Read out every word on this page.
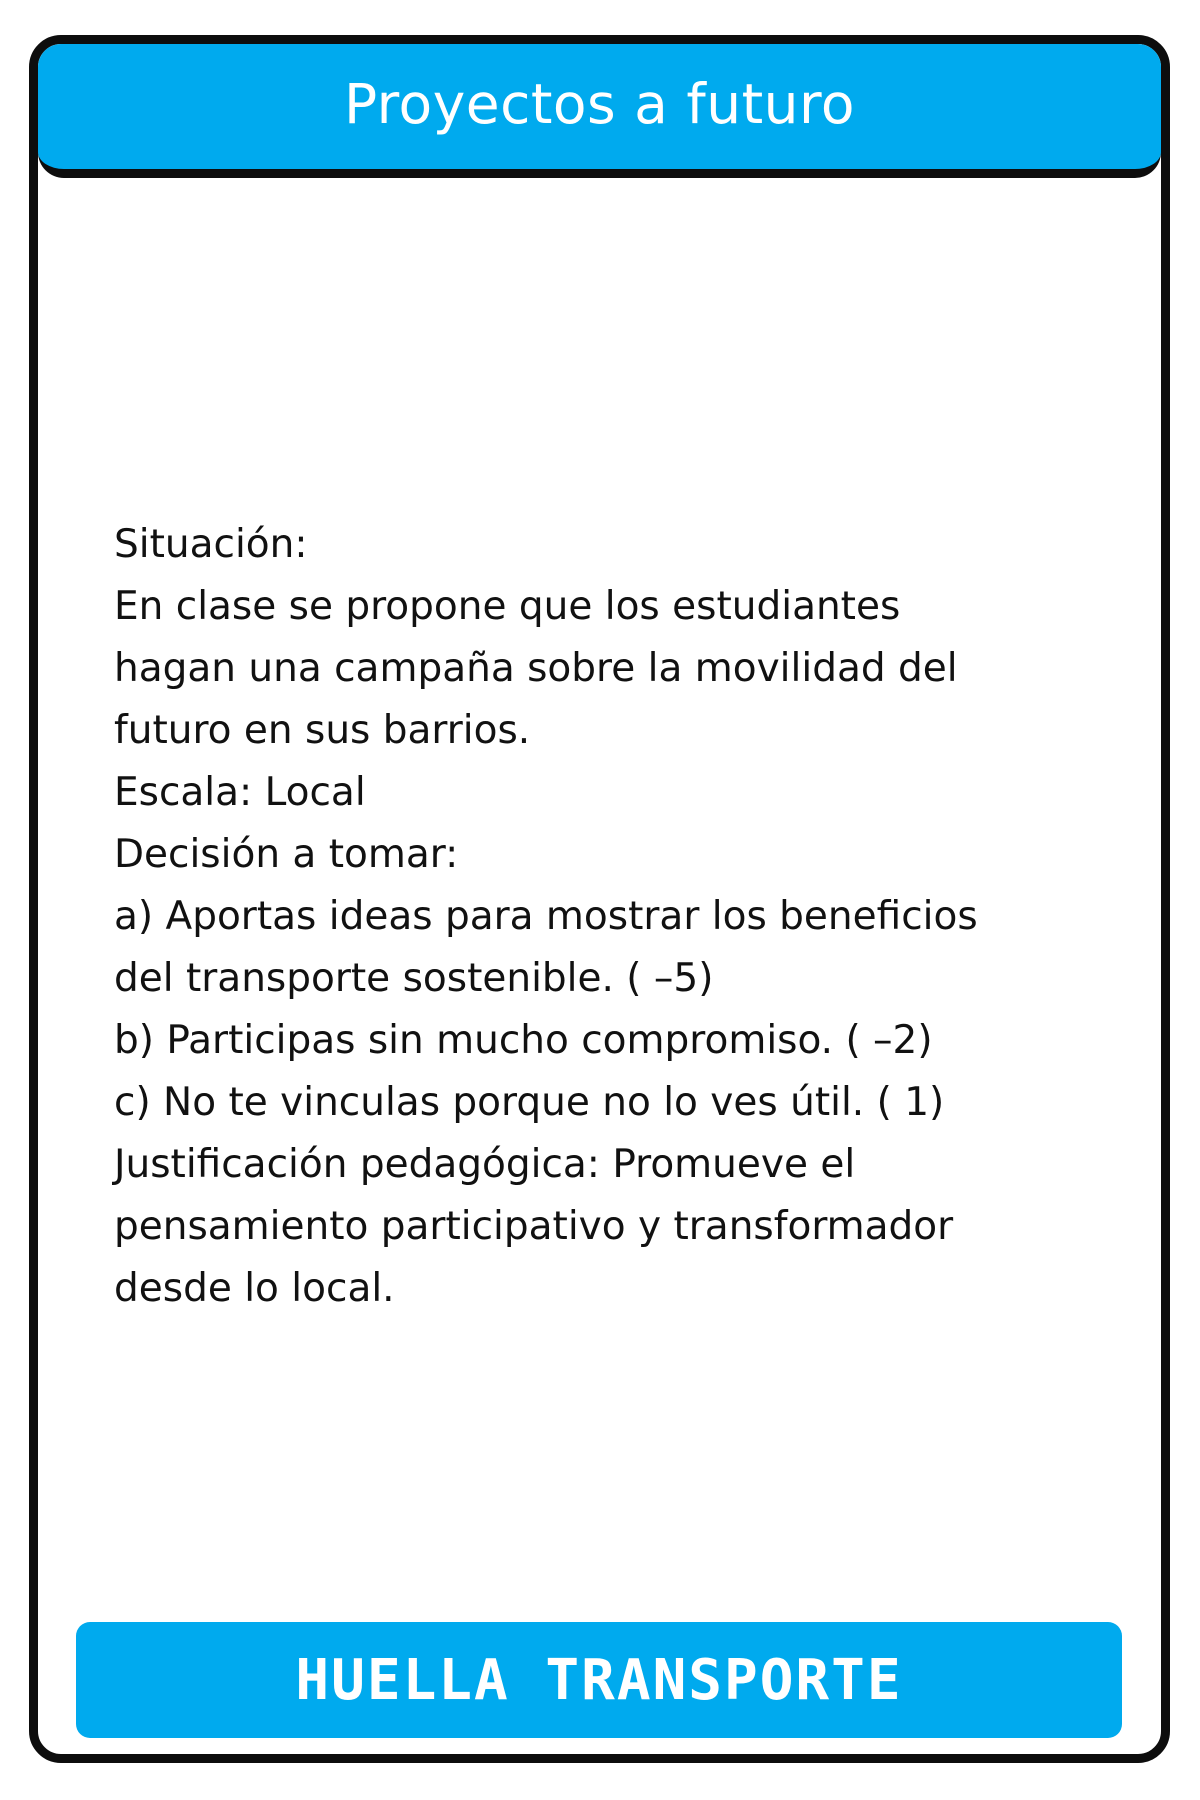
Proyectos a futuro
Situación:
En clase se propone que los estudiantes
hagan una campaña sobre la movilidad del
futuro en sus barrios.
Escala: Local
Decisión a tomar:
a) Aportas ideas para mostrar los beneficios
del transporte sostenible. ( –5)
b) Participas sin mucho compromiso. ( –2)
c) No te vinculas porque no lo ves útil. ( 1)
Justificación pedagógica: Promueve el
pensamiento participativo y transformador
desde lo local.
HUELLA TRANSPORTE
